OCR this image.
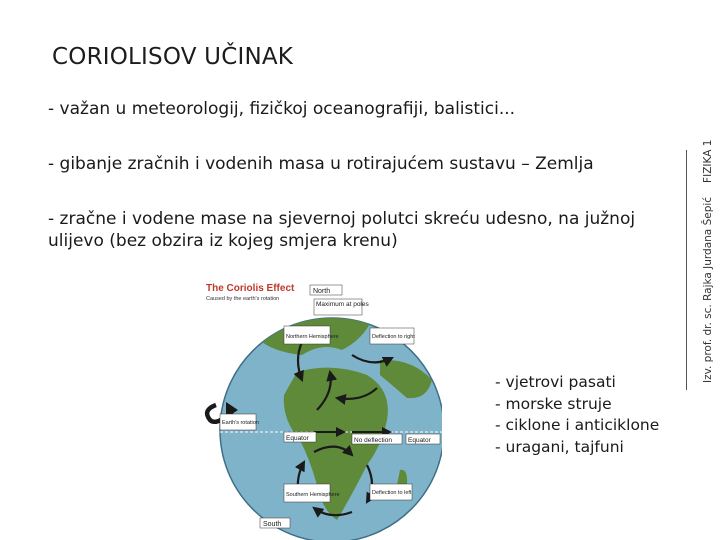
CORIOLISOV UČINAK
- važan u meteorologij, fizičkoj oceanografiji, balistici...
- gibanje zračnih i vodenih masa u rotirajućem sustavu – Zemlja
- zračne i vodene mase na sjevernoj polutci skreću udesno, na južnoj ulijevo (bez obzira iz kojeg smjera krenu)	Izv. prof. dr. sc. Rajka Jurdana ŠepićFIZIKA 1
The Coriolis Effect
Caused by the earth's rotation
North
Maximum at poles
Northern Hemisphere	Deflection to right
Earth's rotation
Equator	No deflection Equator
Southern Hemisphere	Deflection to left
South
- vjetrovi pasati
- morske struje
- ciklone i anticiklone
- uragani, tajfuni
